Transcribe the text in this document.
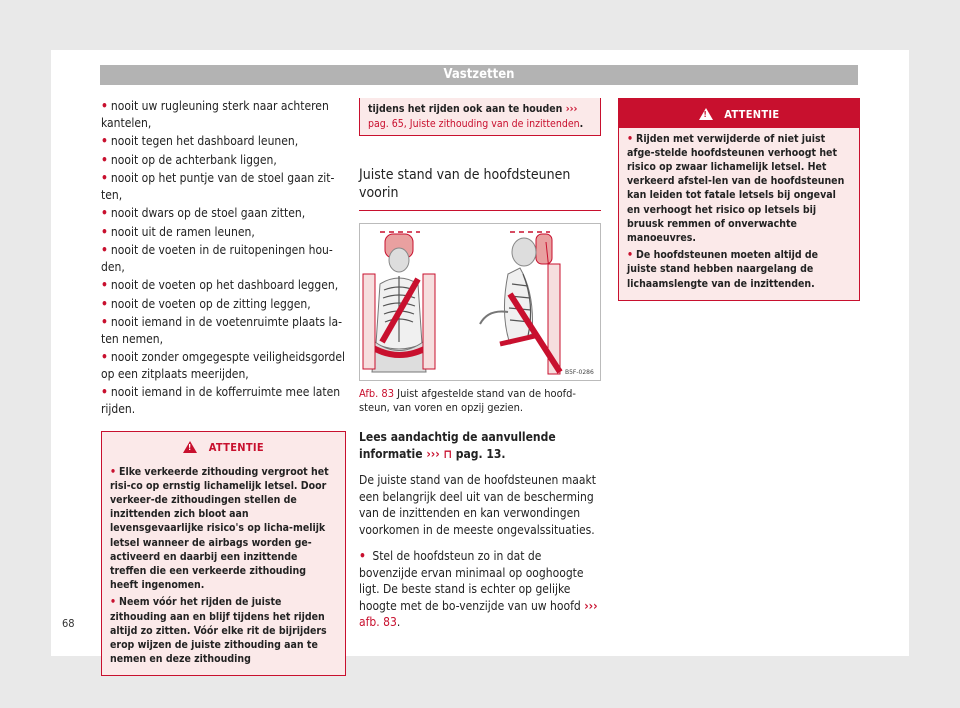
Vastzetten
• nooit uw rugleuning sterk naar achteren kantelen,
• nooit tegen het dashboard leunen,
• nooit op de achterbank liggen,
• nooit op het puntje van de stoel gaan zit-ten,
• nooit dwars op de stoel gaan zitten,
• nooit uit de ramen leunen,
• nooit de voeten in de ruitopeningen hou-den,
• nooit de voeten op het dashboard leggen,
• nooit de voeten op de zitting leggen,
• nooit iemand in de voetenruimte plaats la-ten nemen,
• nooit zonder omgegespte veiligheidsgordel op een zitplaats meerijden,
• nooit iemand in de kofferruimte mee laten rijden.
! ATTENTIE

• Elke verkeerde zithouding vergroot het risi-co op ernstig lichamelijk letsel. Door verkeer-de zithoudingen stellen de inzittenden zich bloot aan levensgevaarlijke risico's op licha-melijk letsel wanneer de airbags worden ge-activeerd en daarbij een inzittende treffen die een verkeerde zithouding heeft ingenomen.

• Neem vóór het rijden de juiste zithouding aan en blijf tijdens het rijden altijd zo zitten. Vóór elke rit de bijrijders erop wijzen de juiste zithouding aan te nemen en deze zithouding

tijdens het rijden ook aan te houden ››› pag. 65, Juiste zithouding van de inzittenden.
Juiste stand van de hoofdsteunen voorin
B5F-0286
Afb. 83 Juist afgestelde stand van de hoofd-steun, van voren en opzij gezien.
Lees aandachtig de aanvullende informatie ››› ⊓ pag. 13.
De juiste stand van de hoofdsteunen maakt een belangrijk deel uit van de bescherming van de inzittenden en kan verwondingen voorkomen in de meeste ongevalssituaties.
• Stel de hoofdsteun zo in dat de bovenzijde ervan minimaal op ooghoogte ligt. De beste stand is echter op gelijke hoogte met de bo-venzijde van uw hoofd ››› afb. 83.
! ATTENTIE

• Rijden met verwijderde of niet juist afge-stelde hoofdsteunen verhoogt het risico op zwaar lichamelijk letsel. Het verkeerd afstel-len van de hoofdsteunen kan leiden tot fatale letsels bij ongeval en verhoogt het risico op letsels bij bruusk remmen of onverwachte manoeuvres.

• De hoofdsteunen moeten altijd de juiste stand hebben naargelang de lichaamslengte van de inzittenden.

68
